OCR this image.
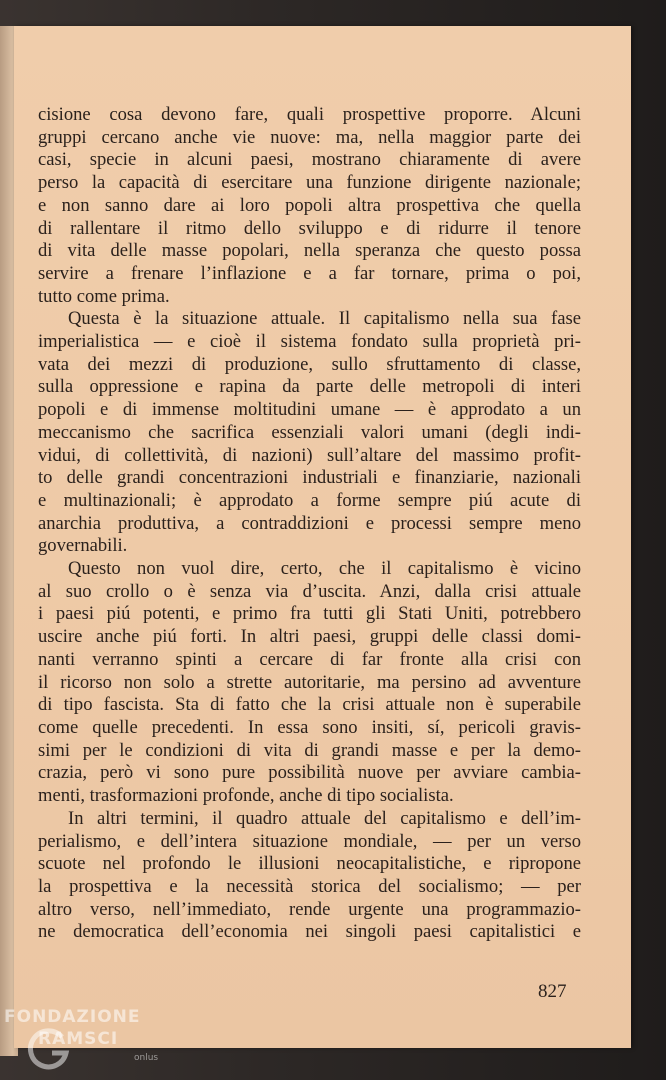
cisione cosa devono fare, quali prospettive proporre. Alcuni
gruppi cercano anche vie nuove: ma, nella maggior parte dei
casi, specie in alcuni paesi, mostrano chiaramente di avere
perso la capacità di esercitare una funzione dirigente nazionale;
e non sanno dare ai loro popoli altra prospettiva che quella
di rallentare il ritmo dello sviluppo e di ridurre il tenore
di vita delle masse popolari, nella speranza che questo possa
servire a frenare l’inflazione e a far tornare, prima o poi,
tutto come prima.
Questa è la situazione attuale. Il capitalismo nella sua fase
imperialistica — e cioè il sistema fondato sulla proprietà pri-
vata dei mezzi di produzione, sullo sfruttamento di classe,
sulla oppressione e rapina da parte delle metropoli di interi
popoli e di immense moltitudini umane — è approdato a un
meccanismo che sacrifica essenziali valori umani (degli indi-
vidui, di collettività, di nazioni) sull’altare del massimo profit-
to delle grandi concentrazioni industriali e finanziarie, nazionali
e multinazionali; è approdato a forme sempre piú acute di
anarchia produttiva, a contraddizioni e processi sempre meno
governabili.
Questo non vuol dire, certo, che il capitalismo è vicino
al suo crollo o è senza via d’uscita. Anzi, dalla crisi attuale
i paesi piú potenti, e primo fra tutti gli Stati Uniti, potrebbero
uscire anche piú forti. In altri paesi, gruppi delle classi domi-
nanti verranno spinti a cercare di far fronte alla crisi con
il ricorso non solo a strette autoritarie, ma persino ad avventure
di tipo fascista. Sta di fatto che la crisi attuale non è superabile
come quelle precedenti. In essa sono insiti, sí, pericoli gravis-
simi per le condizioni di vita di grandi masse e per la demo-
crazia, però vi sono pure possibilità nuove per avviare cambia-
menti, trasformazioni profonde, anche di tipo socialista.
In altri termini, il quadro attuale del capitalismo e dell’im-
perialismo, e dell’intera situazione mondiale, — per un verso
scuote nel profondo le illusioni neocapitalistiche, e ripropone
la prospettiva e la necessità storica del socialismo; — per
altro verso, nell’immediato, rende urgente una programmazio-
ne democratica dell’economia nei singoli paesi capitalistici e
827
FONDAZIONE
RAMSCI
onlus
